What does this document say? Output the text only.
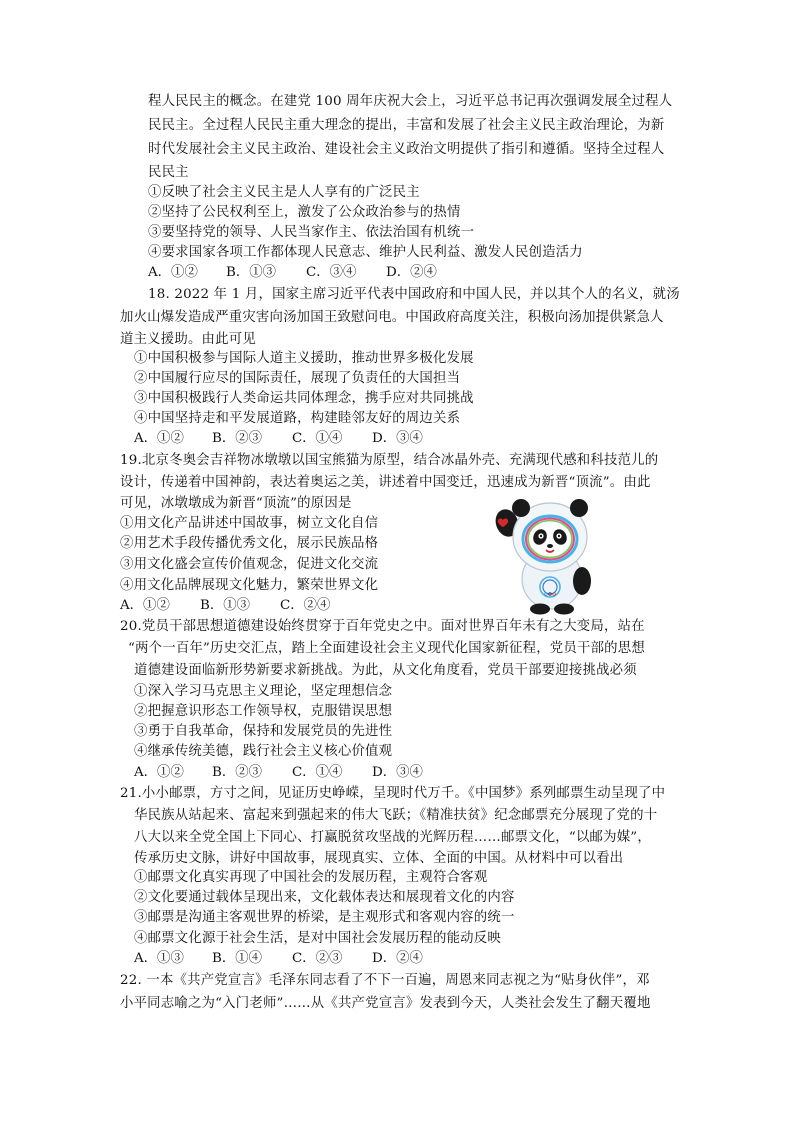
程人民民主的概念。在建党 100 周年庆祝大会上，习近平总书记再次强调发展全过程人
民民主。全过程人民民主重大理念的提出，丰富和发展了社会主义民主政治理论，为新
时代发展社会主义民主政治、建设社会主义政治文明提供了指引和遵循。坚持全过程人
民民主
①反映了社会主义民主是人人享有的广泛民主
②坚持了公民权利至上，激发了公众政治参与的热情
③要坚持党的领导、人民当家作主、依法治国有机统一
④要求国家各项工作都体现人民意志、维护人民利益、激发人民创造活力
A．①② B．①③ C．③④ D．②④
18. 2022 年 1 月，国家主席习近平代表中国政府和中国人民，并以其个人的名义，就汤
加火山爆发造成严重灾害向汤加国王致慰问电。中国政府高度关注，积极向汤加提供紧急人
道主义援助。由此可见
①中国积极参与国际人道主义援助，推动世界多极化发展
②中国履行应尽的国际责任，展现了负责任的大国担当
③中国积极践行人类命运共同体理念，携手应对共同挑战
④中国坚持走和平发展道路，构建睦邻友好的周边关系
A．①② B．②③ C．①④ D．③④
19.北京冬奥会吉祥物冰墩墩以国宝熊猫为原型，结合冰晶外壳、充满现代感和科技范儿的
设计，传递着中国神韵，表达着奥运之美，讲述着中国变迁，迅速成为新晋“顶流”。由此
可见，冰墩墩成为新晋“顶流”的原因是
①用文化产品讲述中国故事，树立文化自信
②用艺术手段传播优秀文化，展示民族品格
③用文化盛会宣传价值观念，促进文化交流
④用文化品牌展现文化魅力，繁荣世界文化
A．①② B．①③ C．②④
20.党员干部思想道德建设始终贯穿于百年党史之中。面对世界百年未有之大变局，站在
“两个一百年”历史交汇点，踏上全面建设社会主义现代化国家新征程，党员干部的思想
道德建设面临新形势新要求新挑战。为此，从文化角度看，党员干部要迎接挑战必须
①深入学习马克思主义理论，坚定理想信念
②把握意识形态工作领导权，克服错误思想
③勇于自我革命，保持和发展党员的先进性
④继承传统美德，践行社会主义核心价值观
A．①② B．②③ C．①④ D．③④
21.小小邮票，方寸之间，见证历史峥嵘，呈现时代万千。《中国梦》系列邮票生动呈现了中
华民族从站起来、富起来到强起来的伟大飞跃；《精准扶贫》纪念邮票充分展现了党的十
八大以来全党全国上下同心、打赢脱贫攻坚战的光辉历程……邮票文化，“以邮为媒”，
传承历史文脉，讲好中国故事，展现真实、立体、全面的中国。从材料中可以看出
①邮票文化真实再现了中国社会的发展历程，主观符合客观
②文化要通过载体呈现出来，文化载体表达和展现着文化的内容
③邮票是沟通主客观世界的桥梁，是主观形式和客观内容的统一
④邮票文化源于社会生活，是对中国社会发展历程的能动反映
A．①③ B．①④ C．②③ D．②④
22. 一本《共产党宣言》毛泽东同志看了不下一百遍，周恩来同志视之为“贴身伙伴”，邓
小平同志喻之为“入门老师”……从《共产党宣言》发表到今天，人类社会发生了翻天覆地
